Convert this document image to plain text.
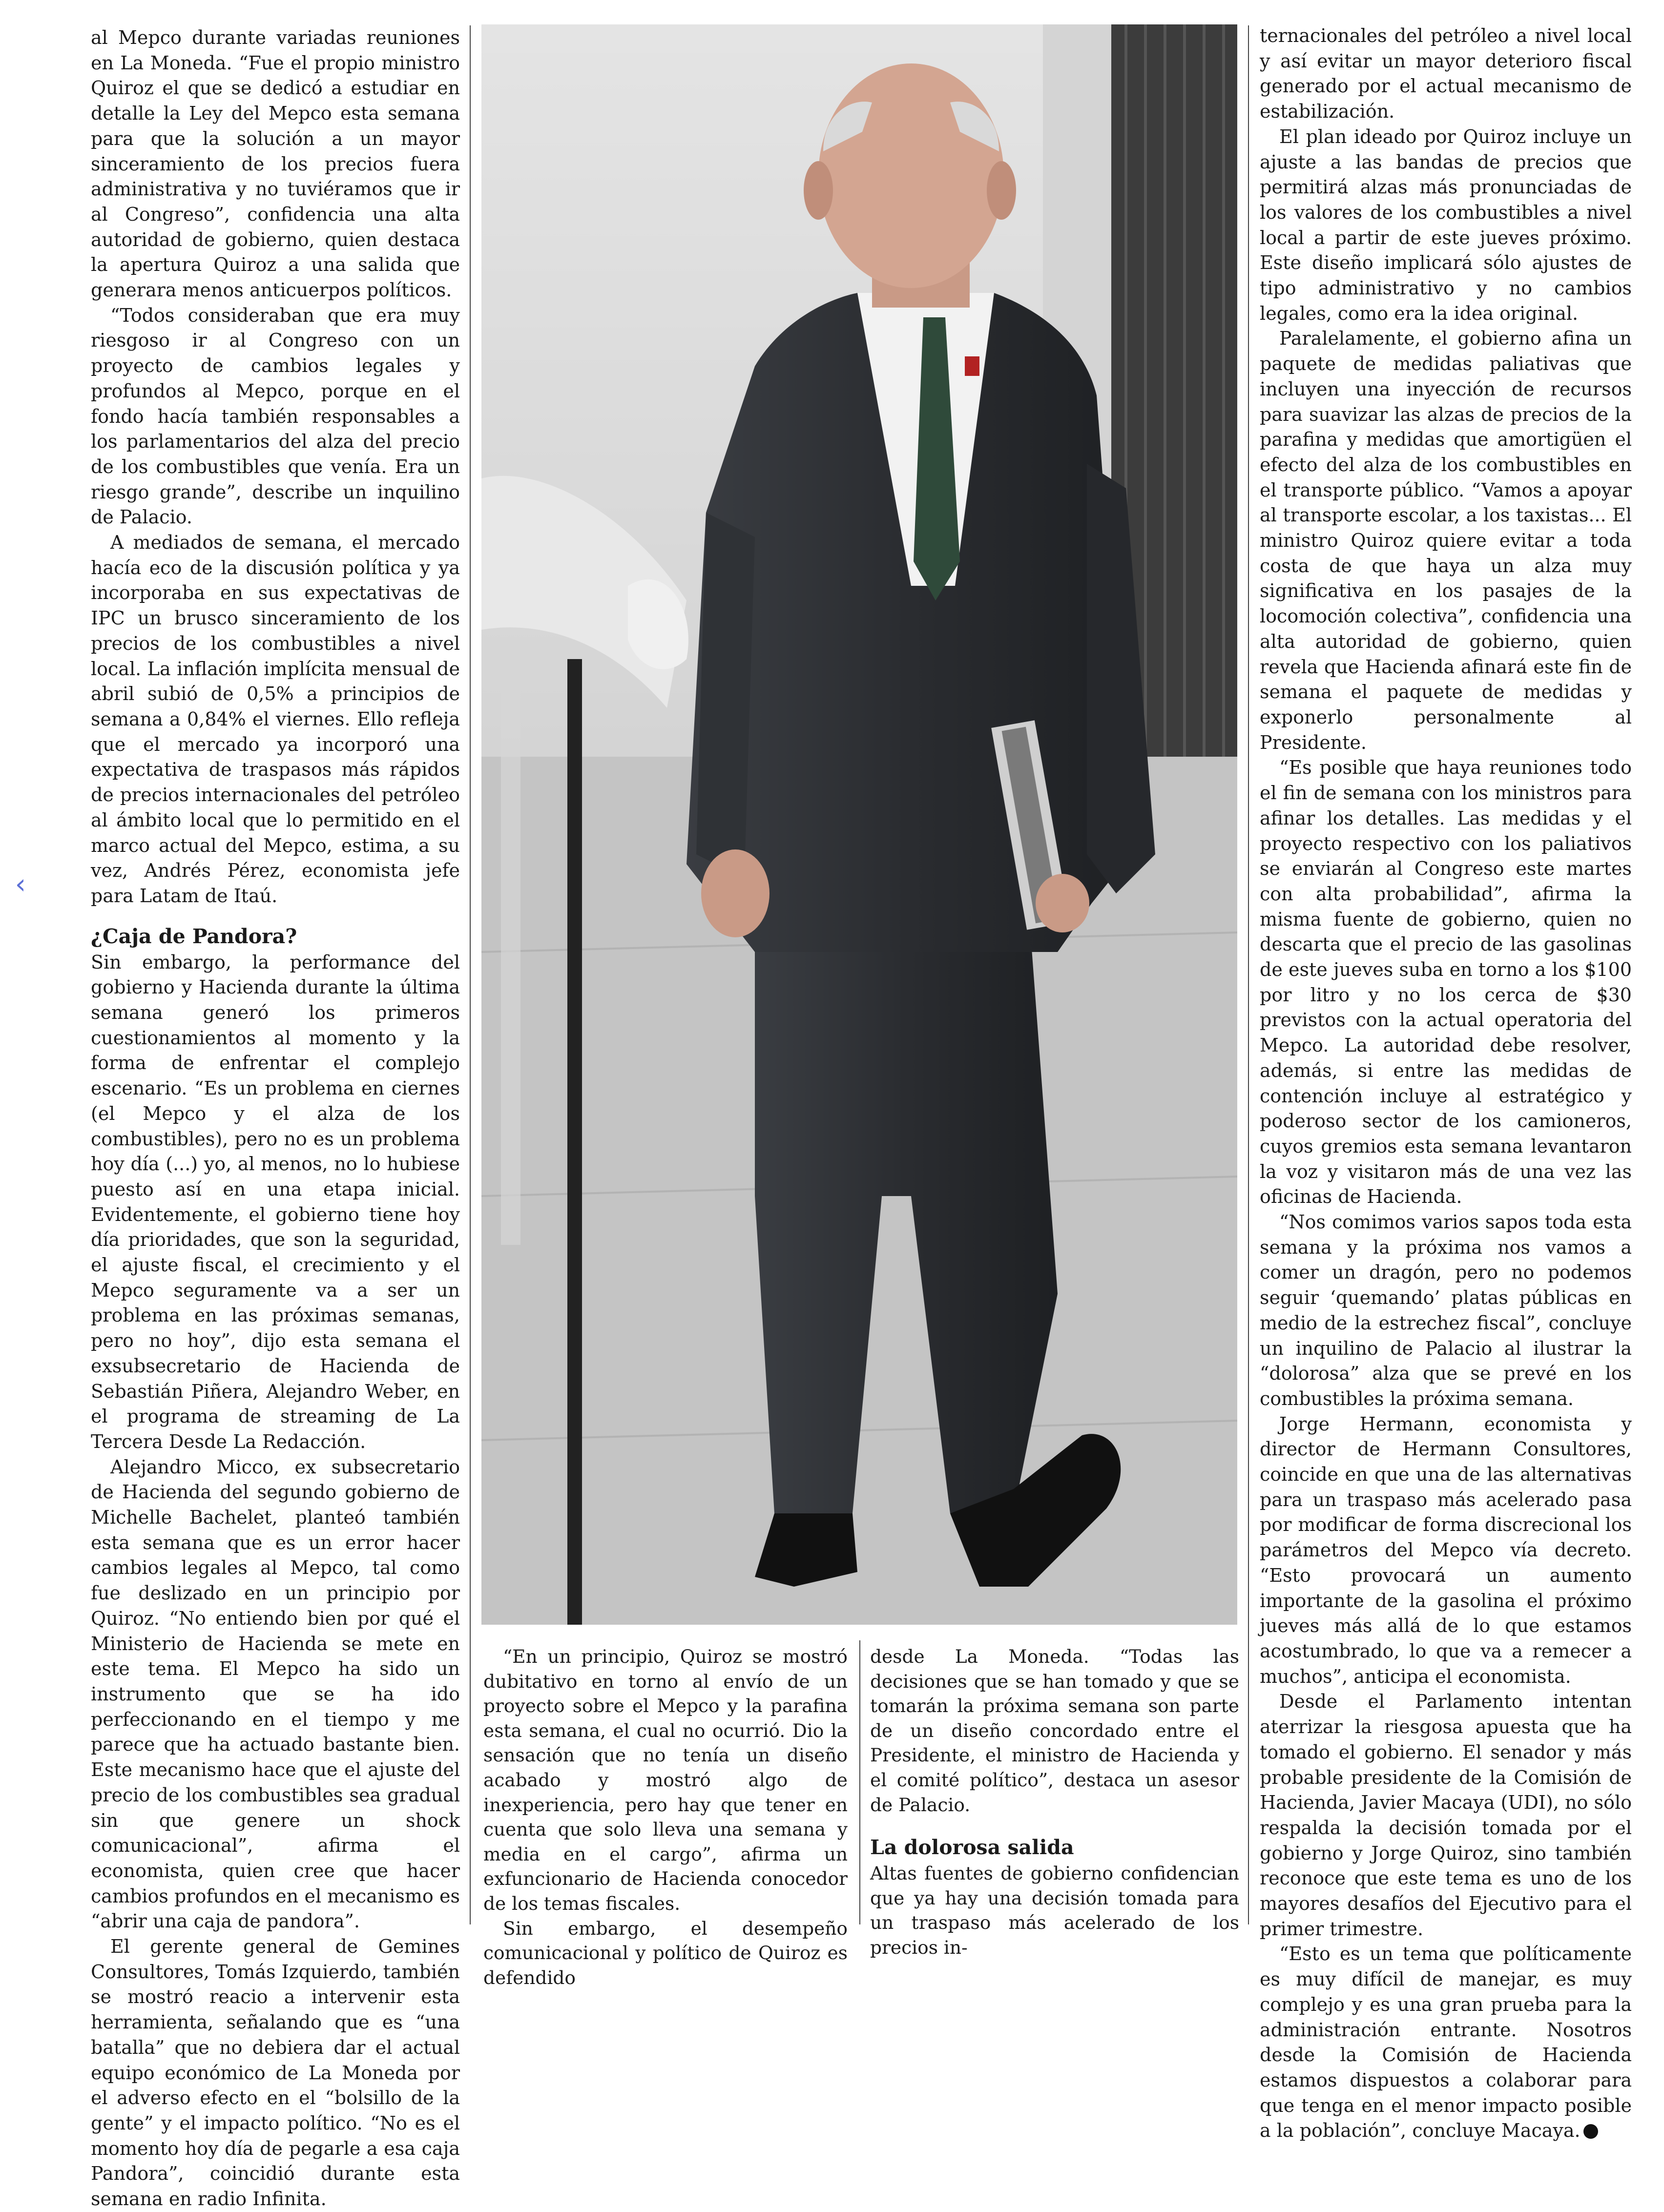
‹

al Mepco durante variadas reuniones en La Moneda. “Fue el propio ministro Quiroz el que se dedicó a estudiar en detalle la Ley del Mepco esta semana para que la solución a un mayor sinceramiento de los precios fuera administrativa y no tuviéramos que ir al Congreso”, confidencia una alta autoridad de gobierno, quien destaca la apertura Quiroz a una salida que generara menos anticuerpos políticos.

“Todos consideraban que era muy riesgoso ir al Congreso con un proyecto de cambios legales y profundos al Mepco, porque en el fondo hacía también responsables a los parlamentarios del alza del precio de los combustibles que venía. Era un riesgo grande”, describe un inquilino de Palacio.

A mediados de semana, el mercado hacía eco de la discusión política y ya incorporaba en sus expectativas de IPC un brusco sinceramiento de los precios de los combustibles a nivel local. La inflación implícita mensual de abril subió de 0,5% a principios de semana a 0,84% el viernes. Ello refleja que el mercado ya incorporó una expectativa de traspasos más rápidos de precios internacionales del petróleo al ámbito local que lo permitido en el marco actual del Mepco, estima, a su vez, Andrés Pérez, economista jefe para Latam de Itaú.

¿Caja de Pandora?

Sin embargo, la performance del gobierno y Hacienda durante la última semana generó los primeros cuestionamientos al momento y la forma de enfrentar el complejo escenario. “Es un problema en ciernes (el Mepco y el alza de los combustibles), pero no es un problema hoy día (...) yo, al menos, no lo hubiese puesto así en una etapa inicial. Evidentemente, el gobierno tiene hoy día prioridades, que son la seguridad, el ajuste fiscal, el crecimiento y el Mepco seguramente va a ser un problema en las próximas semanas, pero no hoy”, dijo esta semana el exsubsecretario de Hacienda de Sebastián Piñera, Alejandro Weber, en el programa de streaming de La Tercera Desde La Redacción.

Alejandro Micco, ex subsecretario de Hacienda del segundo gobierno de Michelle Bachelet, planteó también esta semana que es un error hacer cambios legales al Mepco, tal como fue deslizado en un principio por Quiroz. “No entiendo bien por qué el Ministerio de Hacienda se mete en este tema. El Mepco ha sido un instrumento que se ha ido perfeccionando en el tiempo y me parece que ha actuado bastante bien. Este mecanismo hace que el ajuste del precio de los combustibles sea gradual sin que genere un shock comunicacional”, afirma el economista, quien cree que hacer cambios profundos en el mecanismo es “abrir una caja de pandora”.

El gerente general de Gemines Consultores, Tomás Izquierdo, también se mostró reacio a intervenir esta herramienta, señalando que es “una batalla” que no debiera dar el actual equipo económico de La Moneda por el adverso efecto en el “bolsillo de la gente” y el impacto político. “No es el momento hoy día de pegarle a esa caja Pandora”, coincidió durante esta semana en radio Infinita.

“En un principio, Quiroz se mostró dubitativo en torno al envío de un proyecto sobre el Mepco y la parafina esta semana, el cual no ocurrió. Dio la sensación que no tenía un diseño acabado y mostró algo de inexperiencia, pero hay que tener en cuenta que solo lleva una semana y media en el cargo”, afirma un exfuncionario de Hacienda conocedor de los temas fiscales.

Sin embargo, el desempeño comunicacional y político de Quiroz es defendido

desde La Moneda. “Todas las decisiones que se han tomado y que se tomarán la próxima semana son parte de un diseño concordado entre el Presidente, el ministro de Hacienda y el comité político”, destaca un asesor de Palacio.

La dolorosa salida

Altas fuentes de gobierno confidencian que ya hay una decisión tomada para un traspaso más acelerado de los precios in-

ternacionales del petróleo a nivel local y así evitar un mayor deterioro fiscal generado por el actual mecanismo de estabilización.

El plan ideado por Quiroz incluye un ajuste a las bandas de precios que permitirá alzas más pronunciadas de los valores de los combustibles a nivel local a partir de este jueves próximo. Este diseño implicará sólo ajustes de tipo administrativo y no cambios legales, como era la idea original.

Paralelamente, el gobierno afina un paquete de medidas paliativas que incluyen una inyección de recursos para suavizar las alzas de precios de la parafina y medidas que amortigüen el efecto del alza de los combustibles en el transporte público. “Vamos a apoyar al transporte escolar, a los taxistas... El ministro Quiroz quiere evitar a toda costa de que haya un alza muy significativa en los pasajes de la locomoción colectiva”, confidencia una alta autoridad de gobierno, quien revela que Hacienda afinará este fin de semana el paquete de medidas y exponerlo personalmente al Presidente.

“Es posible que haya reuniones todo el fin de semana con los ministros para afinar los detalles. Las medidas y el proyecto respectivo con los paliativos se enviarán al Congreso este martes con alta probabilidad”, afirma la misma fuente de gobierno, quien no descarta que el precio de las gasolinas de este jueves suba en torno a los $100 por litro y no los cerca de $30 previstos con la actual operatoria del Mepco. La autoridad debe resolver, además, si entre las medidas de contención incluye al estratégico y poderoso sector de los camioneros, cuyos gremios esta semana levantaron la voz y visitaron más de una vez las oficinas de Hacienda.

“Nos comimos varios sapos toda esta semana y la próxima nos vamos a comer un dragón, pero no podemos seguir ‘quemando’ platas públicas en medio de la estrechez fiscal”, concluye un inquilino de Palacio al ilustrar la “dolorosa” alza que se prevé en los combustibles la próxima semana.

Jorge Hermann, economista y director de Hermann Consultores, coincide en que una de las alternativas para un traspaso más acelerado pasa por modificar de forma discrecional los parámetros del Mepco vía decreto. “Esto provocará un aumento importante de la gasolina el próximo jueves más allá de lo que estamos acostumbrado, lo que va a remecer a muchos”, anticipa el economista.

Desde el Parlamento intentan aterrizar la riesgosa apuesta que ha tomado el gobierno. El senador y más probable presidente de la Comisión de Hacienda, Javier Macaya (UDI), no sólo respalda la decisión tomada por el gobierno y Jorge Quiroz, sino también reconoce que este tema es uno de los mayores desafíos del Ejecutivo para el primer trimestre.

“Esto es un tema que políticamente es muy difícil de manejar, es muy complejo y es una gran prueba para la administración entrante. Nosotros desde la Comisión de Hacienda estamos dispuestos a colaborar para que tenga en el menor impacto posible a la población”, concluye Macaya.
